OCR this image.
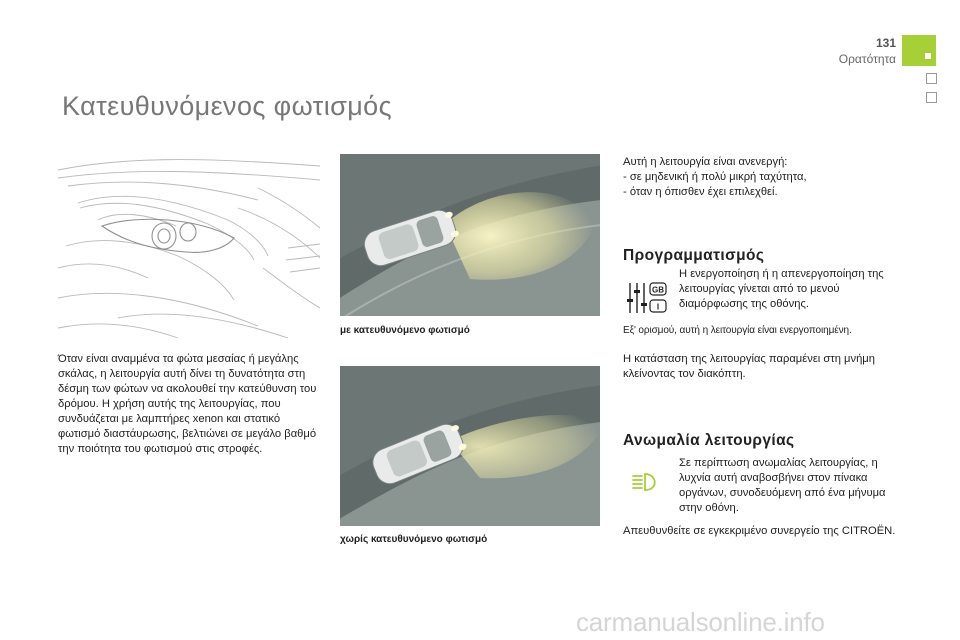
131
Ορατότητα
Κατευθυνόμενος φωτισμός
Όταν είναι αναμμένα τα φώτα μεσαίας ή μεγάλης σκάλας, η λειτουργία αυτή δίνει τη δυνατότητα στη δέσμη των φώτων να ακολουθεί την κατεύθυνση του δρόμου. Η χρήση αυτής της λειτουργίας, που συνδυάζεται με λαμπτήρες xenon και στατικό φωτισμό διαστάυρωσης, βελτιώνει σε μεγάλο βαθμό την ποιότητα του φωτισμού στις στροφές.
με κατευθυνόμενο φωτισμό
χωρίς κατευθυνόμενο φωτισμό

Αυτή η λειτουργία είναι ανενεργή:

- σε μηδενική ή πολύ μικρή ταχύτητα,

- όταν η όπισθεν έχει επιλεχθεί.

Προγραμματισμός
GB
I
Η ενεργοποίηση ή η απενεργοποίηση της λειτουργίας γίνεται από το μενού διαμόρφωσης της οθόνης.
Εξ' ορισμού, αυτή η λειτουργία είναι ενεργοποιημένη.
Η κατάσταση της λειτουργίας παραμένει στη μνήμη κλείνοντας τον διακόπτη.
Ανωμαλία λειτουργίας
Σε περίπτωση ανωμαλίας λειτουργίας, η λυχνία αυτή αναβοσβήνει στον πίνακα οργάνων, συνοδευόμενη από ένα μήνυμα στην οθόνη.
Απευθυνθείτε σε εγκεκριμένο συνεργείο της CITROËN.
carmanualsonline.info
